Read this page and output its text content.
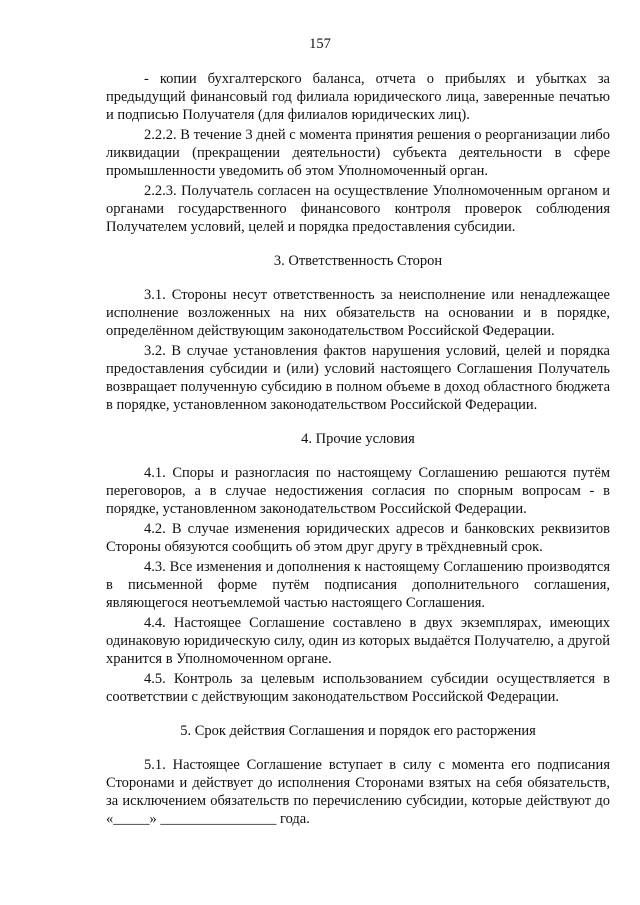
157

- копии бухгалтерского баланса, отчета о прибылях и убытках за предыдущий финансовый год филиала юридического лица, заверенные печатью и подписью Получателя (для филиалов юридических лиц).

2.2.2. В течение 3 дней с момента принятия решения о реорганизации либо ликвидации (прекращении деятельности) субъекта деятельности в сфере промышленности уведомить об этом Уполномоченный орган.

2.2.3. Получатель согласен на осуществление Уполномоченным органом и органами государственного финансового контроля проверок соблюдения Получателем условий, целей и порядка предоставления субсидии.

3. Ответственность Сторон

3.1. Стороны несут ответственность за неисполнение или ненадлежащее исполнение возложенных на них обязательств на основании и в порядке, определённом действующим законодательством Российской Федерации.

3.2. В случае установления фактов нарушения условий, целей и порядка предоставления субсидии и (или) условий настоящего Соглашения Получатель возвращает полученную субсидию в полном объеме в доход областного бюджета в порядке, установленном законодательством Российской Федерации.

4. Прочие условия

4.1. Споры и разногласия по настоящему Соглашению решаются путём переговоров, а в случае недостижения согласия по спорным вопросам - в порядке, установленном законодательством Российской Федерации.

4.2. В случае изменения юридических адресов и банковских реквизитов Стороны обязуются сообщить об этом друг другу в трёхдневный срок.

4.3. Все изменения и дополнения к настоящему Соглашению производятся в письменной форме путём подписания дополнительного соглашения, являющегося неотъемлемой частью настоящего Соглашения.

4.4. Настоящее Соглашение составлено в двух экземплярах, имеющих одинаковую юридическую силу, один из которых выдаётся Получателю, а другой хранится в Уполномоченном органе.

4.5. Контроль за целевым использованием субсидии осуществляется в соответствии с действующим законодательством Российской Федерации.

5. Срок действия Соглашения и порядок его расторжения

5.1. Настоящее Соглашение вступает в силу с момента его подписания Сторонами и действует до исполнения Сторонами взятых на себя обязательств, за исключением обязательств по перечислению субсидии, которые действуют до «_____» ________________ года.
